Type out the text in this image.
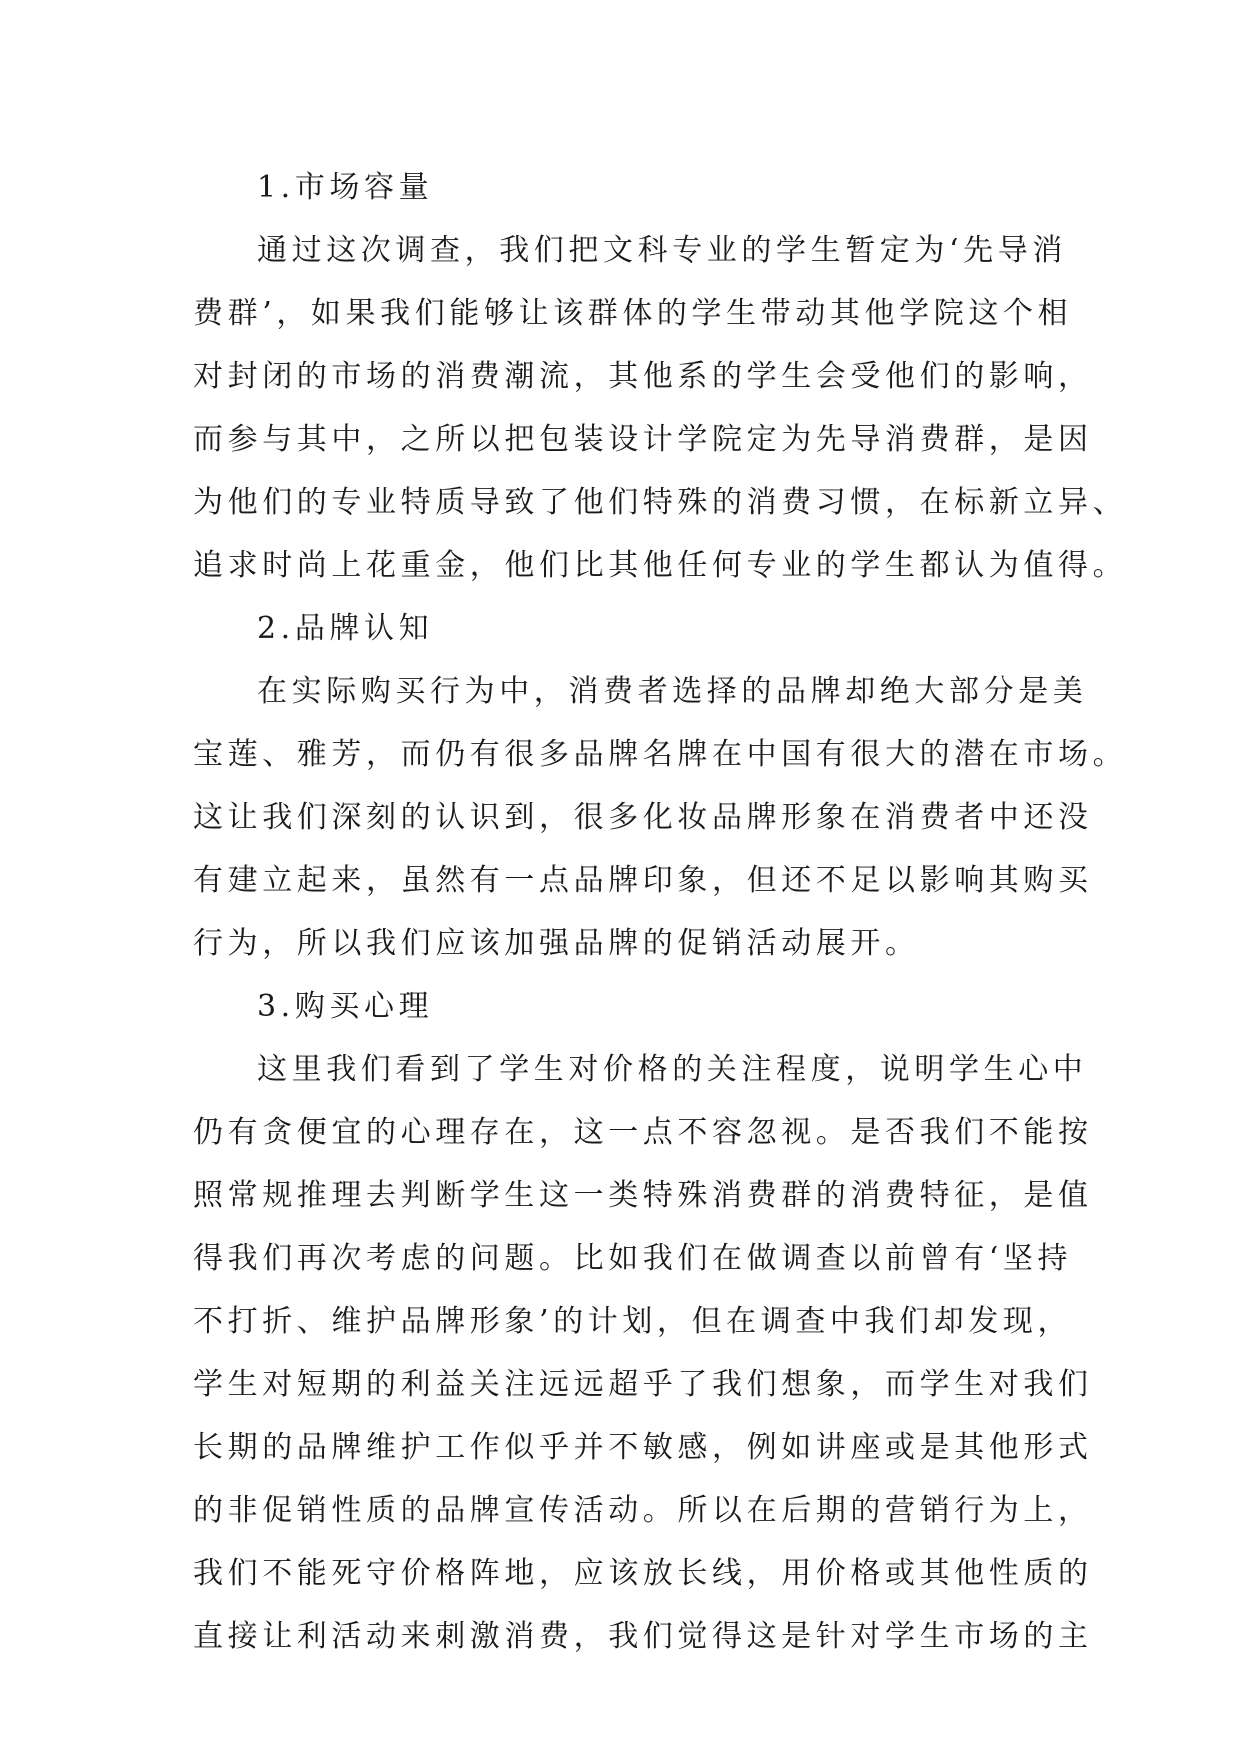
1.市场容量
通过这次调查，我们把文科专业的学生暂定为‘先导消
费群’，如果我们能够让该群体的学生带动其他学院这个相
对封闭的市场的消费潮流，其他系的学生会受他们的影响，
而参与其中，之所以把包装设计学院定为先导消费群，是因
为他们的专业特质导致了他们特殊的消费习惯，在标新立异、
追求时尚上花重金，他们比其他任何专业的学生都认为值得。
2.品牌认知
在实际购买行为中，消费者选择的品牌却绝大部分是美
宝莲、雅芳，而仍有很多品牌名牌在中国有很大的潜在市场。
这让我们深刻的认识到，很多化妆品牌形象在消费者中还没
有建立起来，虽然有一点品牌印象，但还不足以影响其购买
行为，所以我们应该加强品牌的促销活动展开。
3.购买心理
这里我们看到了学生对价格的关注程度，说明学生心中
仍有贪便宜的心理存在，这一点不容忽视。是否我们不能按
照常规推理去判断学生这一类特殊消费群的消费特征，是值
得我们再次考虑的问题。比如我们在做调查以前曾有‘坚持
不打折、维护品牌形象’的计划，但在调查中我们却发现，
学生对短期的利益关注远远超乎了我们想象，而学生对我们
长期的品牌维护工作似乎并不敏感，例如讲座或是其他形式
的非促销性质的品牌宣传活动。所以在后期的营销行为上，
我们不能死守价格阵地，应该放长线，用价格或其他性质的
直接让利活动来刺激消费，我们觉得这是针对学生市场的主
